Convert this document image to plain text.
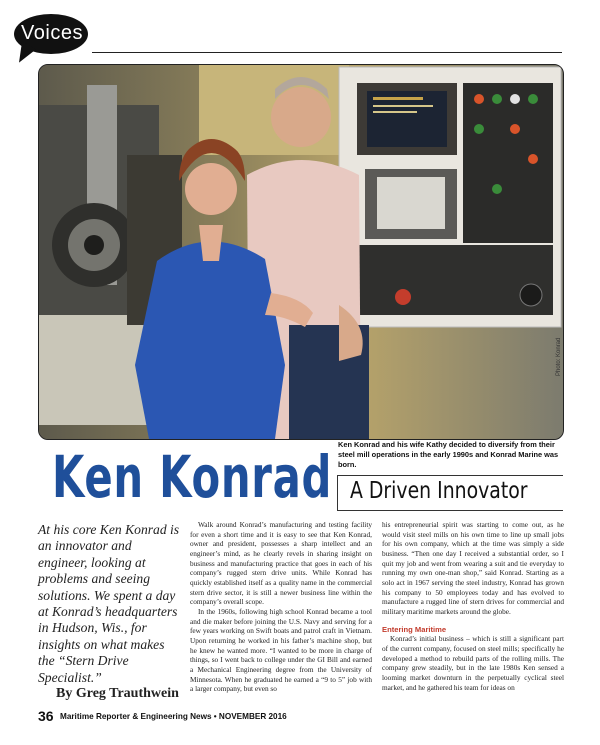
Voices
Photo: Konrad
Ken Konrad and his wife Kathy decided to diversify from their steel mill operations in the early 1990s and Konrad Marine was born.
Ken Konrad A Driven Innovator
At his core Ken Konrad is an innovator and engineer, looking at problems and seeing solutions. We spent a day at Konrad’s headquarters in Hudson, Wis., for insights on what makes the “Stern Drive Specialist.”
By Greg Trauthwein

Walk around Konrad’s manufacturing and testing facility for even a short time and it is easy to see that Ken Konrad, owner and president, possesses a sharp intellect and an engineer’s mind, as he clearly revels in sharing insight on business and manufacturing practice that goes in each of his company’s rugged stern drive units. While Konrad has quickly established itself as a quality name in the commercial stern drive sector, it is still a newer business line within the company’s overall scope.

In the 1960s, following high school Konrad became a tool and die maker before joining the U.S. Navy and serving for a few years working on Swift boats and patrol craft in Vietnam. Upon returning he worked in his father’s machine shop, but he knew he wanted more. “I wanted to be more in charge of things, so I went back to college under the GI Bill and earned a Mechanical Engineering degree from the University of Minnesota. When he graduated he earned a “9 to 5” job with a larger company, but even so

his entrepreneurial spirit was starting to come out, as he would visit steel mills on his own time to line up small jobs for his own company, which at the time was simply a side business. “Then one day I received a substantial order, so I quit my job and went from wearing a suit and tie everyday to running my own one-man shop,” said Konrad. Starting as a solo act in 1967 serving the steel industry, Konrad has grown his company to 50 employees today and has evolved to manufacture a rugged line of stern drives for commercial and military maritime markets around the globe.

Entering Maritime

Konrad’s initial business – which is still a significant part of the current company, focused on steel mills; specifically he developed a method to rebuild parts of the rolling mills. The company grew steadily, but in the late 1980s Ken sensed a looming market downturn in the perpetually cyclical steel market, and he gathered his team for ideas on

36 Maritime Reporter & Engineering News • NOVEMBER 2016
